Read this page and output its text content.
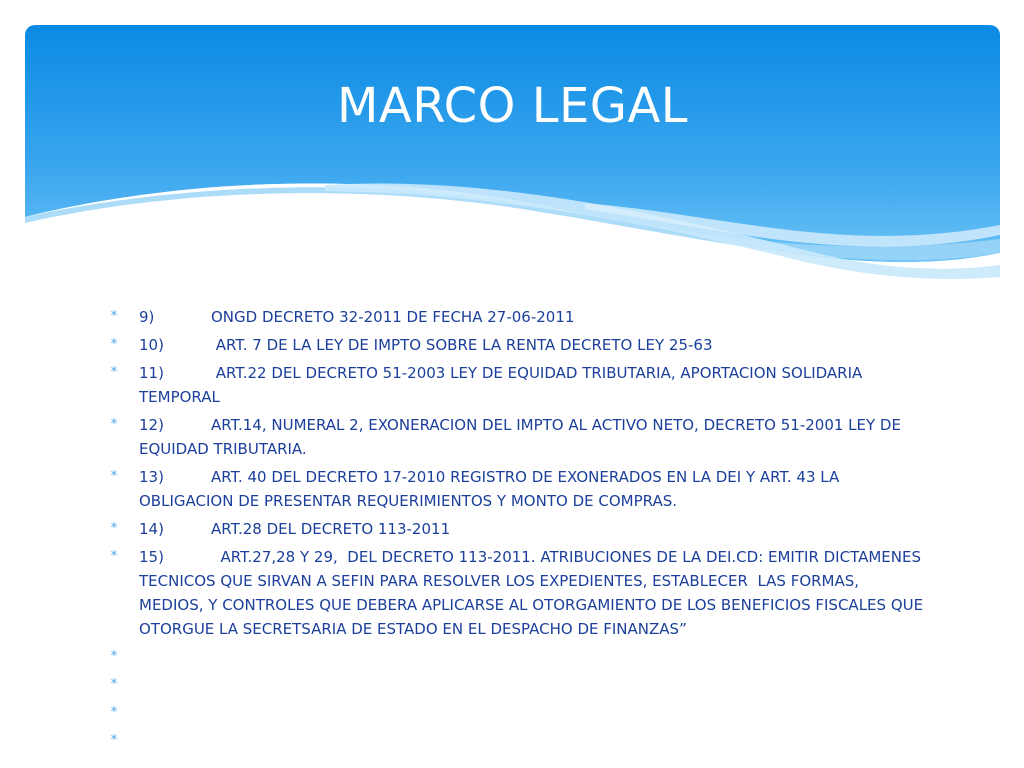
MARCO LEGAL
* 9)	ONGD DECRETO 32-2011 DE FECHA 27-06-2011
* 10)	ART. 7 DE LA LEY DE IMPTO SOBRE LA RENTA DECRETO LEY 25-63
* 11)	ART.22 DEL DECRETO 51-2003 LEY DE EQUIDAD TRIBUTARIA, APORTACION SOLIDARIA TEMPORAL
* 12)	ART.14, NUMERAL 2, EXONERACION DEL IMPTO AL ACTIVO NETO, DECRETO 51-2001 LEY DE EQUIDAD TRIBUTARIA.
* 13)	ART. 40 DEL DECRETO 17-2010 REGISTRO DE EXONERADOS EN LA DEI Y ART. 43 LA OBLIGACION DE PRESENTAR REQUERIMIENTOS Y MONTO DE COMPRAS.
* 14)	ART.28 DEL DECRETO 113-2011
* 15)	ART.27,28 Y 29,  DEL DECRETO 113-2011. ATRIBUCIONES DE LA DEI.CD: EMITIR DICTAMENES TECNICOS QUE SIRVAN A SEFIN PARA RESOLVER LOS EXPEDIENTES, ESTABLECER  LAS FORMAS, MEDIOS, Y CONTROLES QUE DEBERA APLICARSE AL OTORGAMIENTO DE LOS BENEFICIOS FISCALES QUE OTORGUE LA SECRETSARIA DE ESTADO EN EL DESPACHO DE FINANZAS”
*
*
*
*
